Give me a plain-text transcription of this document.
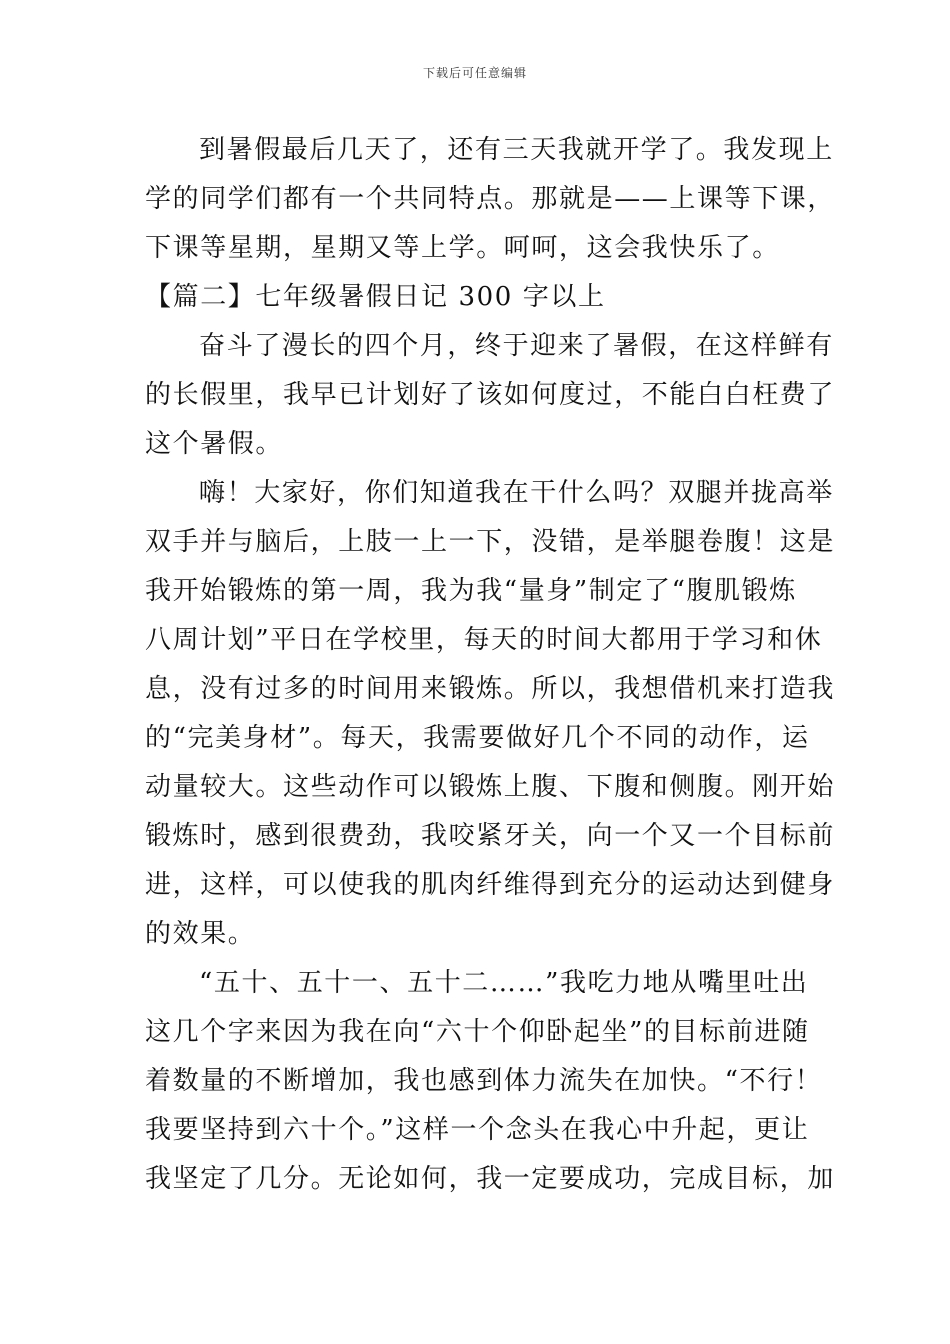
下载后可任意编辑

到暑假最后几天了，还有三天我就开学了。我发现上
学的同学们都有一个共同特点。那就是——上课等下课，
下课等星期，星期又等上学。呵呵，这会我快乐了。

【篇二】七年级暑假日记 300 字以上

奋斗了漫长的四个月，终于迎来了暑假，在这样鲜有
的长假里，我早已计划好了该如何度过，不能白白枉费了
这个暑假。

嗨！大家好，你们知道我在干什么吗？双腿并拢高举
双手并与脑后，上肢一上一下，没错，是举腿卷腹！这是
我开始锻炼的第一周，我为我“量身”制定了“腹肌锻炼
八周计划”平日在学校里，每天的时间大都用于学习和休
息，没有过多的时间用来锻炼。所以，我想借机来打造我
的“完美身材”。每天，我需要做好几个不同的动作，运
动量较大。这些动作可以锻炼上腹、下腹和侧腹。刚开始
锻炼时，感到很费劲，我咬紧牙关，向一个又一个目标前
进，这样，可以使我的肌肉纤维得到充分的运动达到健身
的效果。

“五十、五十一、五十二……”我吃力地从嘴里吐出
这几个字来因为我在向“六十个仰卧起坐”的目标前进随
着数量的不断增加，我也感到体力流失在加快。“不行！
我要坚持到六十个。”这样一个念头在我心中升起，更让
我坚定了几分。无论如何，我一定要成功，完成目标，加
